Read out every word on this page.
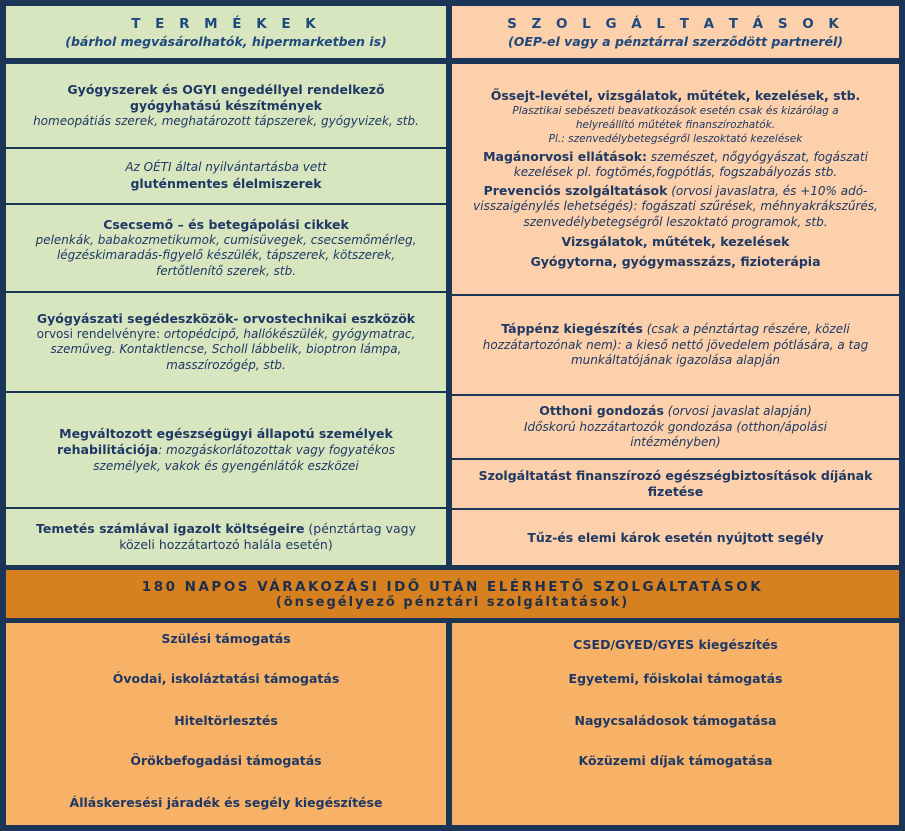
T E R M É K E K
(bárhol megvásárolhatók, hipermarketben is)
S Z O L G Á L T A T Á S O K
(OEP-el vagy a pénztárral szerződött partnerél)
Gyógyszerek és OGYI engedéllyel rendelkező gyógyhatású készítmények
homeopátiás szerek, meghatározott tápszerek, gyógyvizek, stb.
Az OÉTI által nyilvántartásba vett
gluténmentes élelmiszerek
Csecsemő – és betegápolási cikkek
pelenkák, babakozmetikumok, cumisüvegek, csecsemőmérleg, légzéskimaradás-figyelő készülék, tápszerek, kötszerek, fertőtlenítő szerek, stb.
Gyógyászati segédeszközök- orvostechnikai eszközök
orvosi rendelvényre: ortopédcipő, hallókészülék, gyógymatrac, szemüveg. Kontaktlencse, Scholl lábbelik, bioptron lámpa, masszírozógép, stb.
Megváltozott egészségügyi állapotú személyek rehabilitációja: mozgáskorlátozottak vagy fogyatékos személyek, vakok és gyengénlátók eszközei
Temetés számlával igazolt költségeire (pénztártag vagy közeli hozzátartozó halála esetén)
Őssejt-levétel, vizsgálatok, műtétek, kezelések, stb.
Plasztikai sebészeti beavatkozások esetén csak és kizárólag a helyreállító műtétek finanszírozhatók.
Pl.: szenvedélybetegségről leszoktató kezelések
Magánorvosi ellátások: szemészet, nőgyógyászat, fogászati kezelések pl. fogtömés,fogpótlás, fogszabályozás stb.
Prevenciós szolgáltatások (orvosi javaslatra, és +10% adó-visszaigénylés lehetségés): fogászati szűrések, méhnyakrákszűrés, szenvedélybetegségről leszoktató programok, stb.
Vizsgálatok, műtétek, kezelések
Gyógytorna, gyógymasszázs, fizioterápia
Táppénz kiegészítés (csak a pénztártag részére, közeli hozzátartozónak nem): a kieső nettó jövedelem pótlására, a tag munkáltatójának igazolása alapján
Otthoni gondozás (orvosi javaslat alapján)
Időskorú hozzátartozók gondozása (otthon/ápolási intézményben)
Szolgáltatást finanszírozó egészségbiztosítások díjának fizetése
Tűz-és elemi károk esetén nyújtott segély
180 NAPOS VÁRAKOZÁSI IDŐ UTÁN ELÉRHETŐ SZOLGÁLTATÁSOK
(önsegélyező pénztári szolgáltatások)
Szülési támogatás
Óvodai, iskoláztatási támogatás
Hiteltörlesztés
Örökbefogadási támogatás
Álláskeresési járadék és segély kiegészítése
CSED/GYED/GYES kiegészítés
Egyetemi, főiskolai támogatás
Nagycsaládosok támogatása
Közüzemi díjak támogatása
